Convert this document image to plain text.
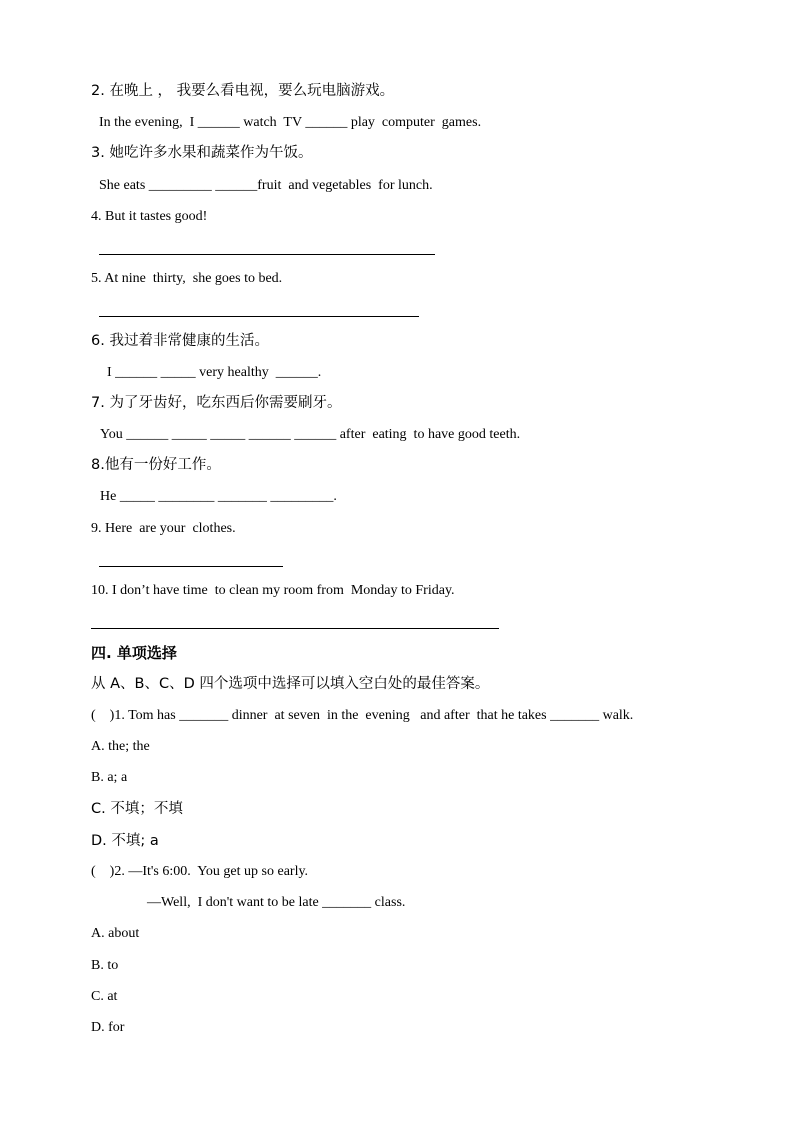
2. 在晚上 ， 我要么看电视，要么玩电脑游戏。
In the evening,  I ______ watch  TV ______ play  computer  games.
3. 她吃许多水果和蔬菜作为午饭。
She eats _________ ______fruit  and vegetables  for lunch.
4. But it tastes good!
5. At nine  thirty,  she goes to bed.
6. 我过着非常健康的生活。
I ______ _____ very healthy  ______.
7. 为了牙齿好，吃东西后你需要刷牙。
You ______ _____ _____ ______ ______ after  eating  to have good teeth.
8.他有一份好工作。
He _____ ________ _______ _________.
9. Here  are your  clothes.
10. I don’t have time  to clean my room from  Monday to Friday.
四. 单项选择
从 A、B、C、D 四个选项中选择可以填入空白处的最佳答案。
(    )1. Tom has _______ dinner  at seven  in the  evening   and after  that he takes _______ walk.
A. the; the
B. a; a
C. 不填；不填
D. 不填; a
(    )2. —It's 6:00.  You get up so early.
—Well,  I don't want to be late _______ class.
A. about
B. to
C. at
D. for
